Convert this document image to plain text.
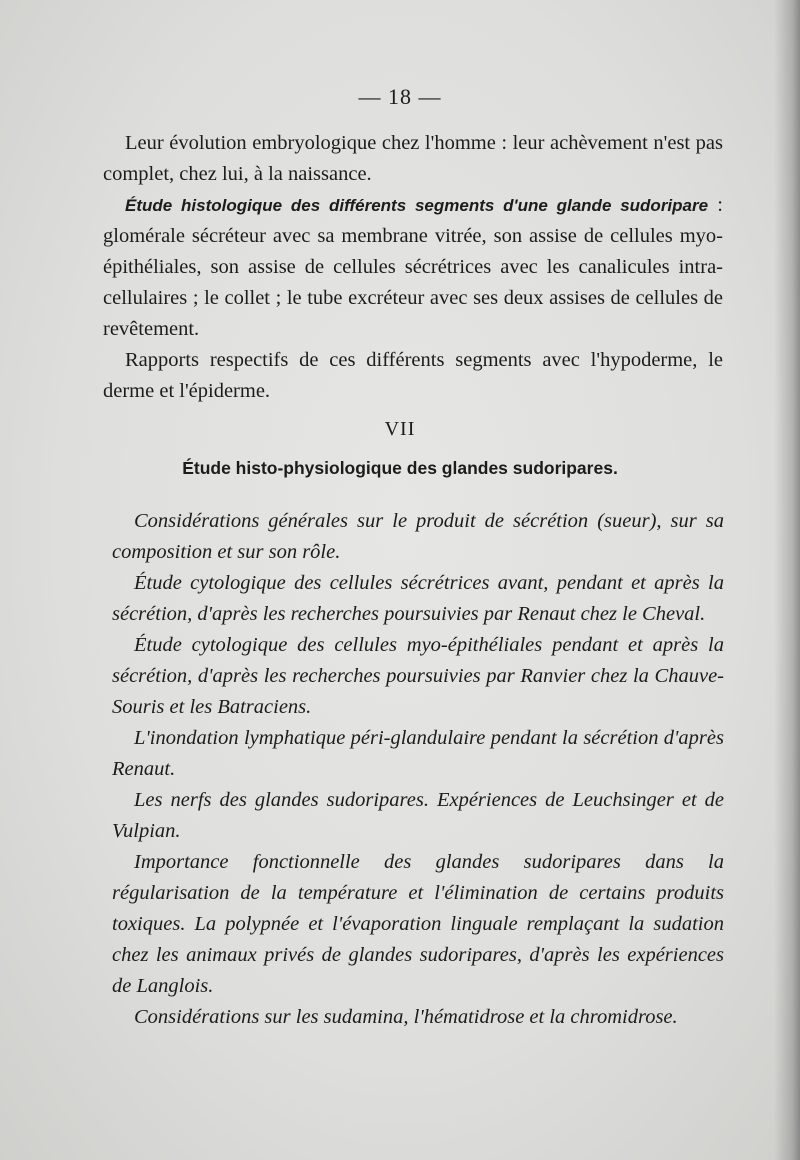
— 18 —

Leur évolution embryologique chez l'homme : leur achèvement n'est pas complet, chez lui, à la naissance.

Étude histologique des différents segments d'une glande sudoripare : glomérale sécréteur avec sa membrane vitrée, son assise de cellules myo-épithéliales, son assise de cellules sécrétrices avec les canalicules intra-cellulaires ; le collet ; le tube excréteur avec ses deux assises de cellules de revêtement.

Rapports respectifs de ces différents segments avec l'hypoderme, le derme et l'épiderme.

VII
Étude histo-physiologique des glandes sudoripares.

Considérations générales sur le produit de sécrétion (sueur), sur sa composition et sur son rôle.

Étude cytologique des cellules sécrétrices avant, pendant et après la sécrétion, d'après les recherches poursuivies par Renaut chez le Cheval.

Étude cytologique des cellules myo-épithéliales pendant et après la sécrétion, d'après les recherches poursuivies par Ranvier chez la Chauve-Souris et les Batraciens.

L'inondation lymphatique péri-glandulaire pendant la sécrétion d'après Renaut.

Les nerfs des glandes sudoripares. Expériences de Leuchsinger et de Vulpian.

Importance fonctionnelle des glandes sudoripares dans la régularisation de la température et l'élimination de certains produits toxiques. La polypnée et l'évaporation linguale remplaçant la sudation chez les animaux privés de glandes sudoripares, d'après les expériences de Langlois.

Considérations sur les sudamina, l'hématidrose et la chromidrose.
